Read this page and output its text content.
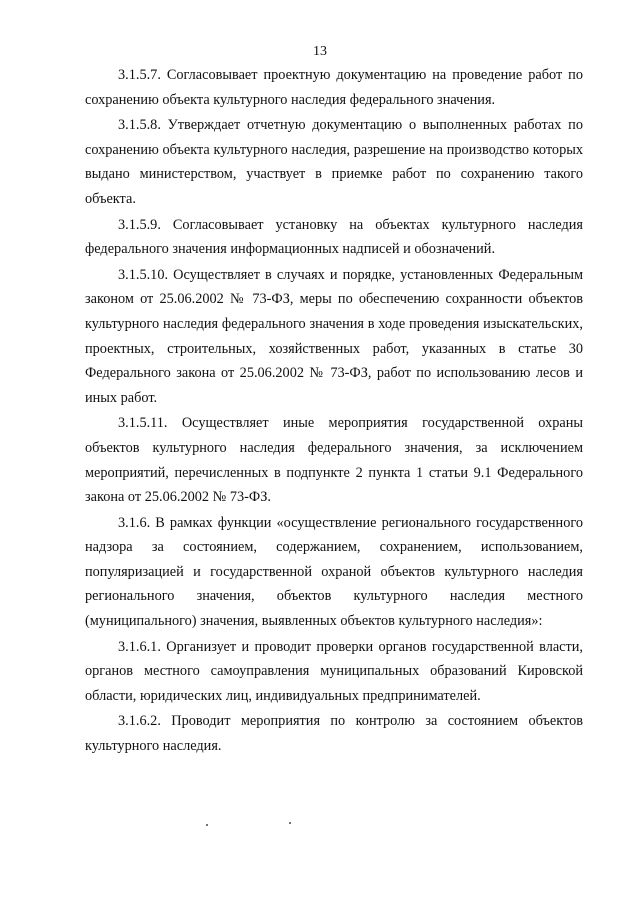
13

3.1.5.7. Согласовывает проектную документацию на проведение работ по сохранению объекта культурного наследия федерального значения.

3.1.5.8. Утверждает отчетную документацию о выполненных работах по сохранению объекта культурного наследия, разрешение на производство которых выдано министерством, участвует в приемке работ по сохранению такого объекта.

3.1.5.9. Согласовывает установку на объектах культурного наследия федерального значения информационных надписей и обозначений.

3.1.5.10. Осуществляет в случаях и порядке, установленных Федеральным законом от 25.06.2002 № 73-ФЗ, меры по обеспечению сохранности объектов культурного наследия федерального значения в ходе проведения изыскательских, проектных, строительных, хозяйственных работ, указанных в статье 30 Федерального закона от 25.06.2002 № 73-ФЗ, работ по использованию лесов и иных работ.

3.1.5.11. Осуществляет иные мероприятия государственной охраны объектов культурного наследия федерального значения, за исключением мероприятий, перечисленных в подпункте 2 пункта 1 статьи 9.1 Федерального закона от 25.06.2002 № 73-ФЗ.

3.1.6. В рамках функции «осуществление регионального государственного надзора за состоянием, содержанием, сохранением, использованием, популяризацией и государственной охраной объектов культурного наследия регионального значения, объектов культурного наследия местного (муниципального) значения, выявленных объектов культурного наследия»:

3.1.6.1. Организует и проводит проверки органов государственной власти, органов местного самоуправления муниципальных образований Кировской области, юридических лиц, индивидуальных предпринимателей.

3.1.6.2. Проводит мероприятия по контролю за состоянием объектов культурного наследия.
